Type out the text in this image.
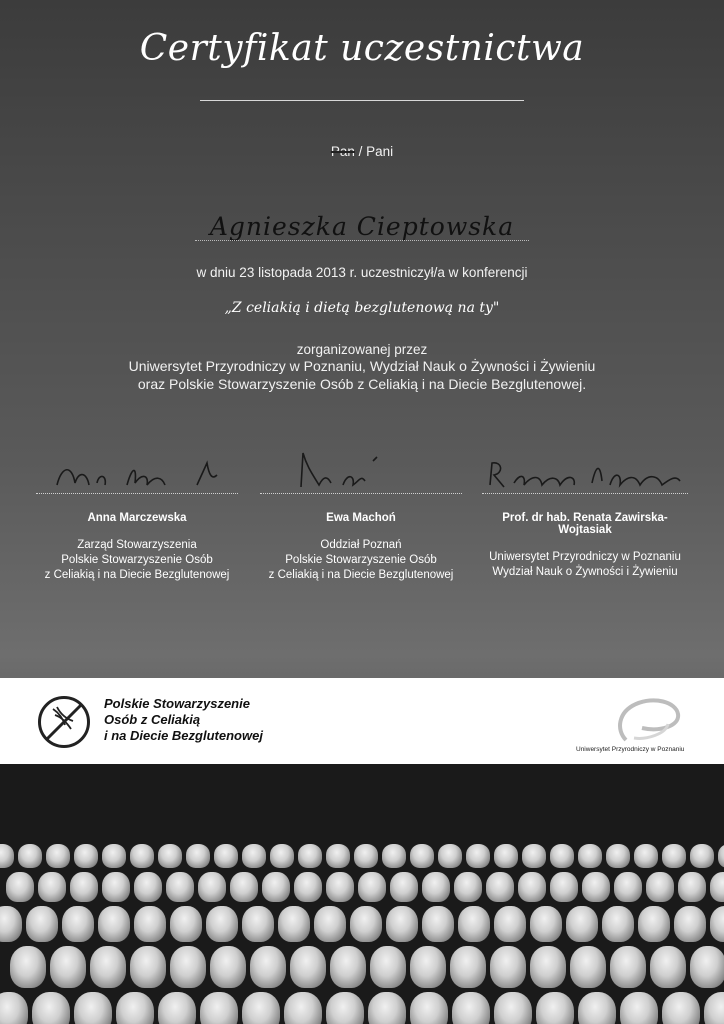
Certyfikat uczestnictwa
Pan / Pani
Agnieszka Cieptowska
w dniu 23 listopada 2013 r. uczestniczył/a w konferencji
„Z celiakią i dietą bezglutenową na ty"
zorganizowanej przez
Uniwersytet Przyrodniczy w Poznaniu, Wydział Nauk o Żywności i Żywieniu
oraz Polskie Stowarzyszenie Osób z Celiakią i na Diecie Bezglutenowej.
Anna Marczewska
Zarząd Stowarzyszenia
Polskie Stowarzyszenie Osób
z Celiakią i na Diecie Bezglutenowej
Ewa Machoń
Oddział Poznań
Polskie Stowarzyszenie Osób
z Celiakią i na Diecie Bezglutenowej
Prof. dr hab. Renata Zawirska-Wojtasiak
Uniwersytet Przyrodniczy w Poznaniu
Wydział Nauk o Żywności i Żywieniu
Polskie Stowarzyszenie
Osób z Celiakią
i na Diecie Bezglutenowej
Uniwersytet Przyrodniczy w Poznaniu
